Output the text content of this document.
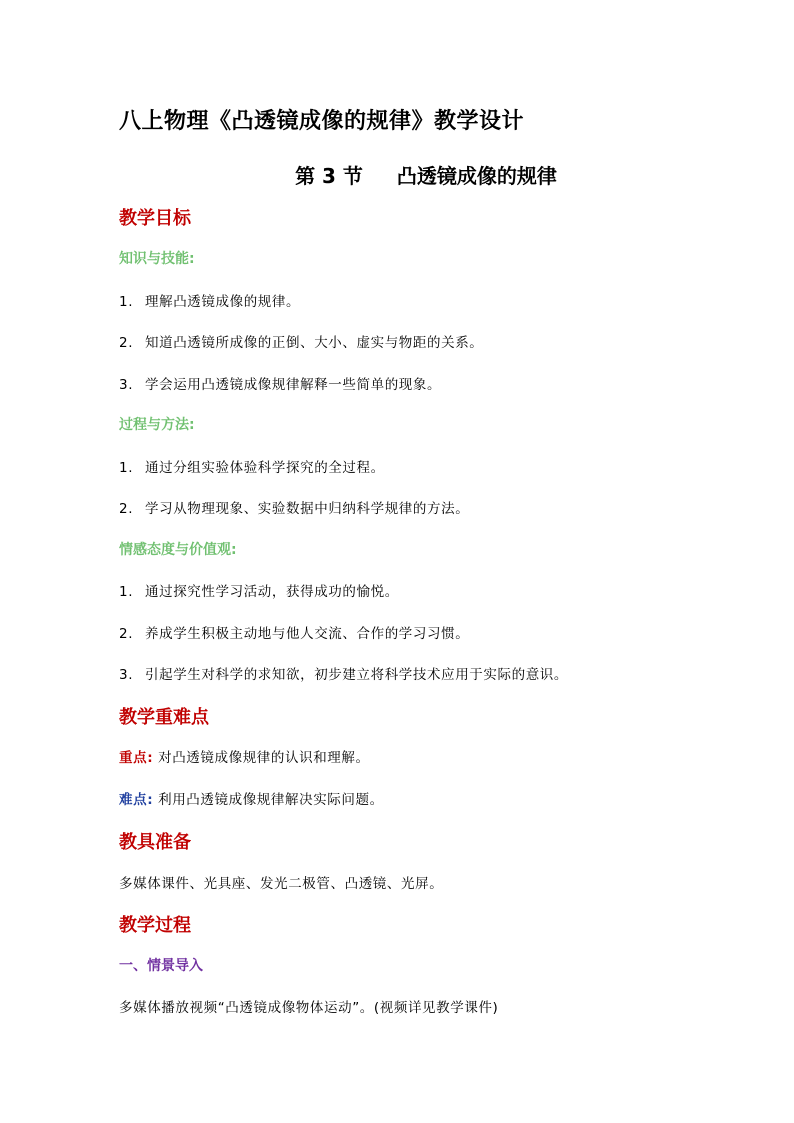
八上物理《凸透镜成像的规律》教学设计
第 3 节 凸透镜成像的规律
教学目标
知识与技能:
1. 理解凸透镜成像的规律。
2. 知道凸透镜所成像的正倒、大小、虚实与物距的关系。
3. 学会运用凸透镜成像规律解释一些简单的现象。
过程与方法:
1. 通过分组实验体验科学探究的全过程。
2. 学习从物理现象、实验数据中归纳科学规律的方法。
情感态度与价值观:
1. 通过探究性学习活动，获得成功的愉悦。
2. 养成学生积极主动地与他人交流、合作的学习习惯。
3. 引起学生对科学的求知欲，初步建立将科学技术应用于实际的意识。
教学重难点
重点: 对凸透镜成像规律的认识和理解。
难点: 利用凸透镜成像规律解决实际问题。
教具准备
多媒体课件、光具座、发光二极管、凸透镜、光屏。
教学过程
一、情景导入
多媒体播放视频“凸透镜成像物体运动”。(视频详见教学课件)
